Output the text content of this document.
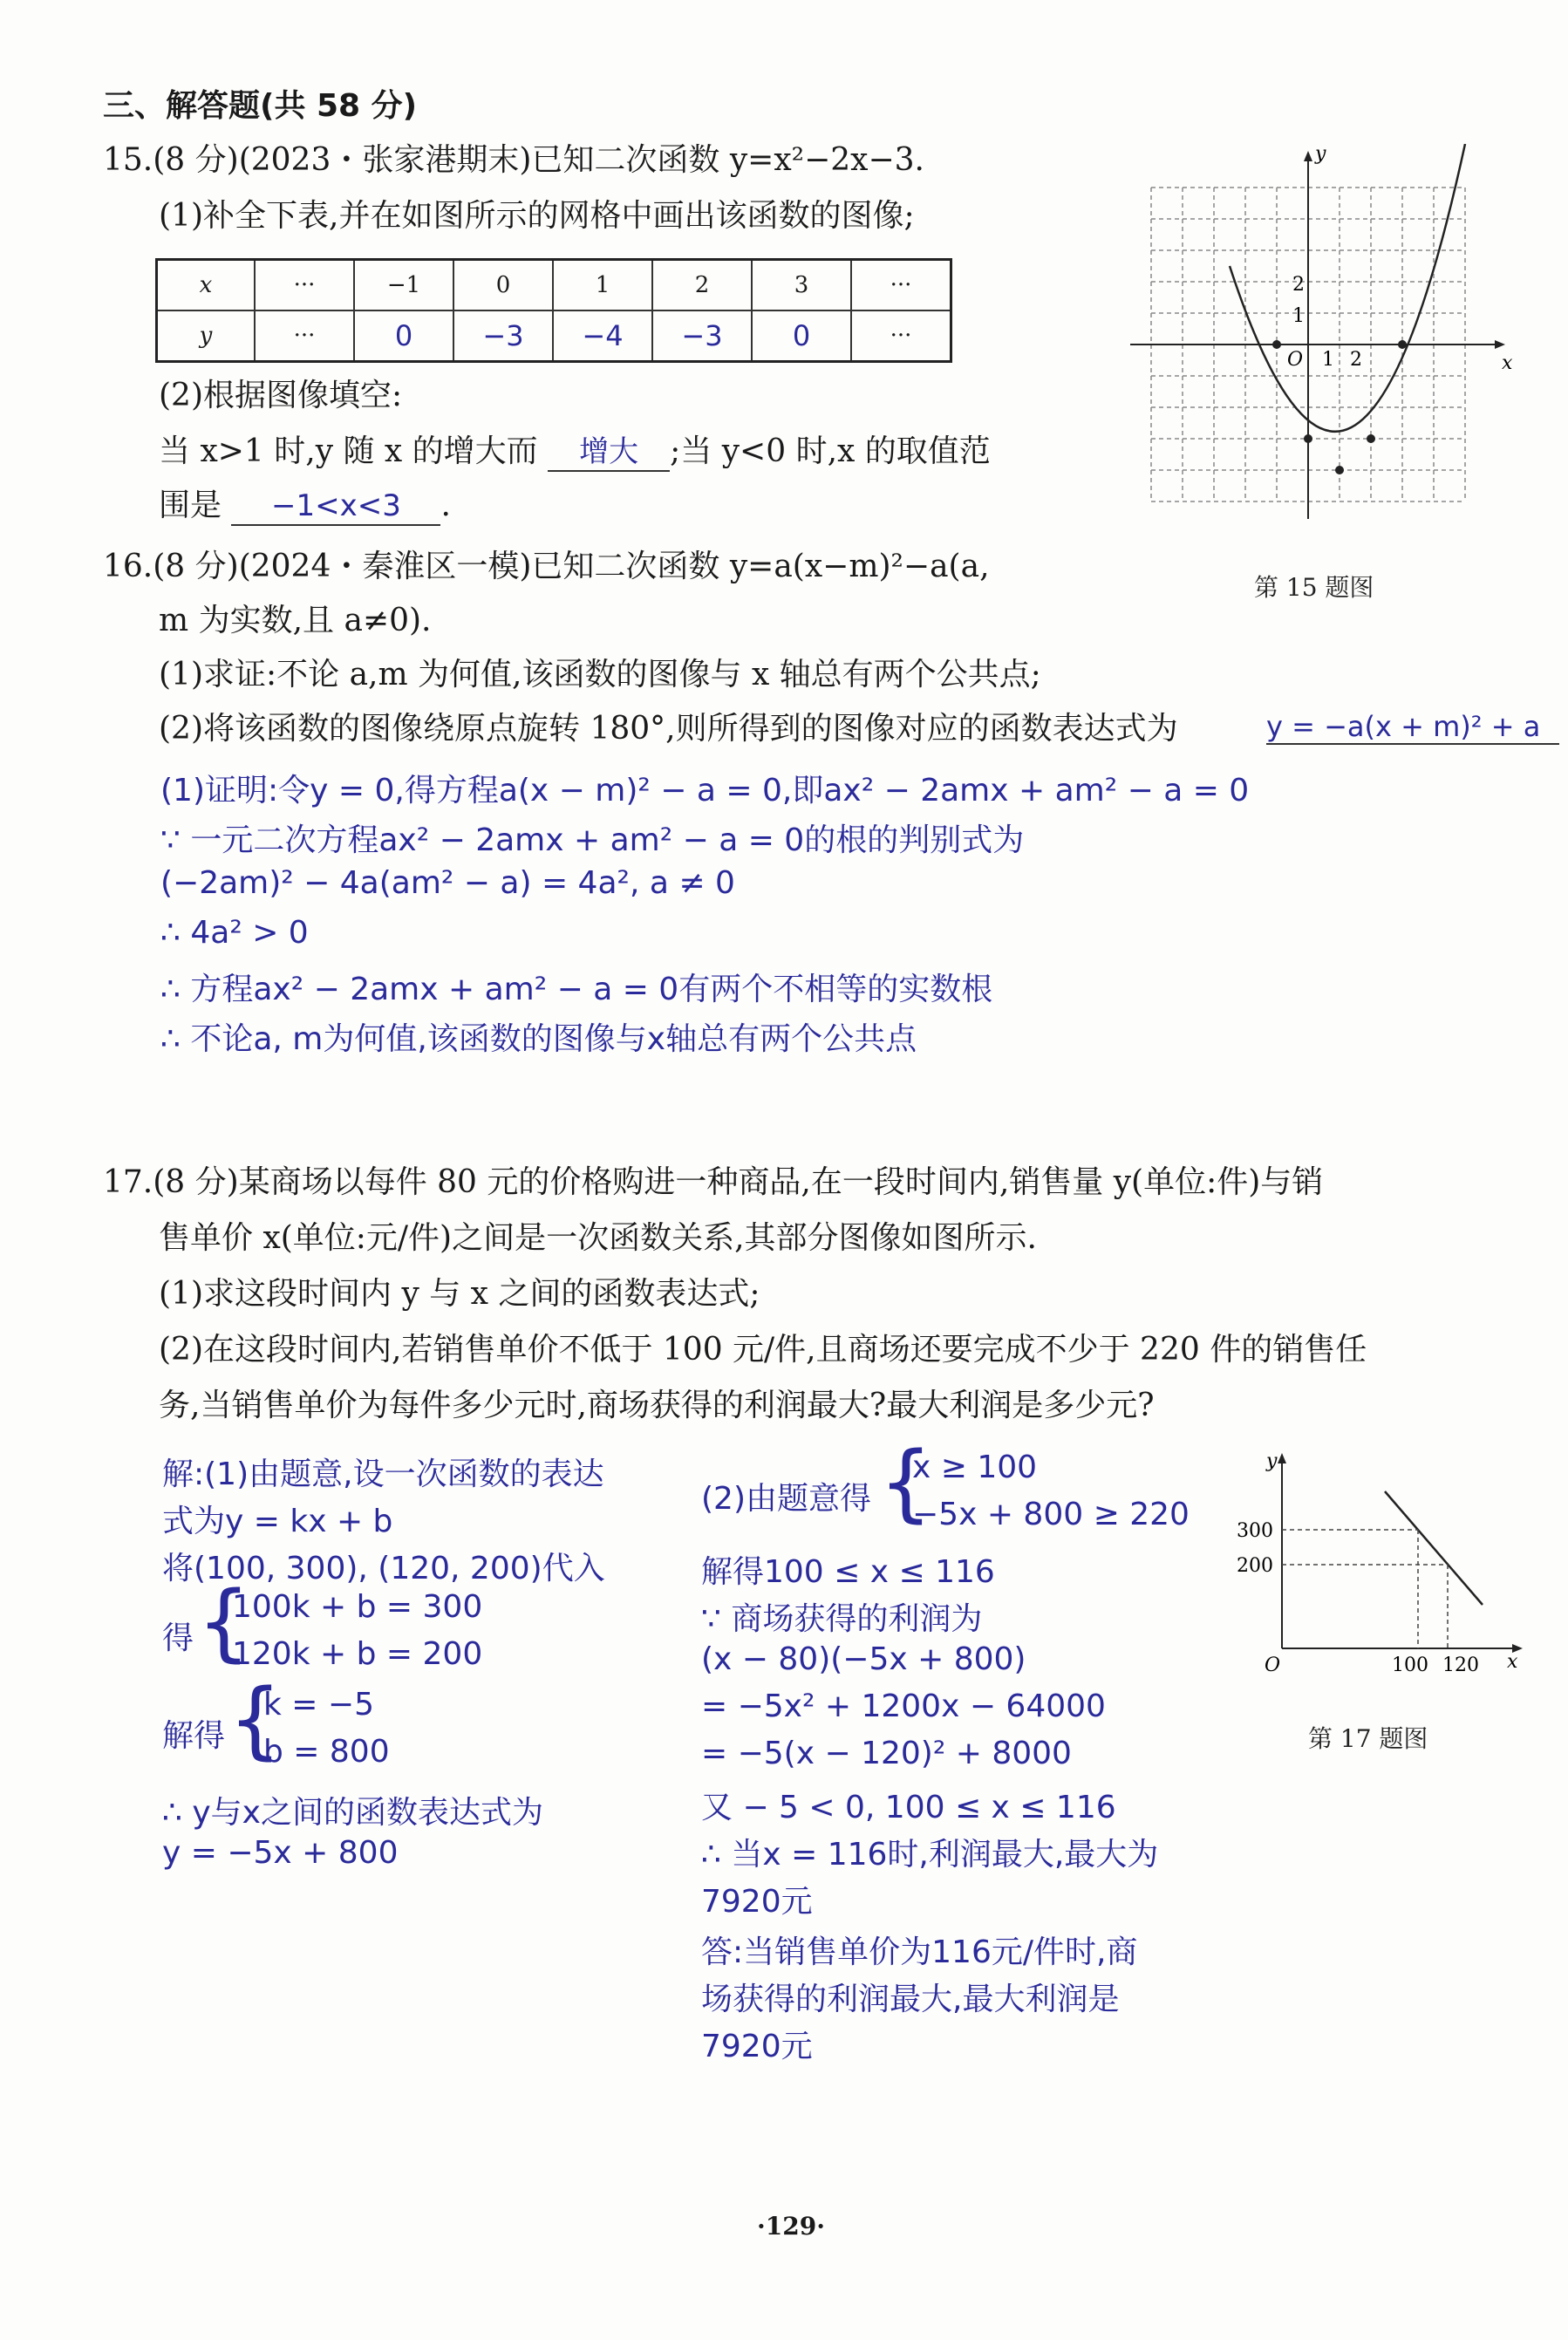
三、解答题(共 58 分)
15.(8 分)(2023・张家港期末)已知二次函数 y=x²−2x−3.
(1)补全下表,并在如图所示的网格中画出该函数的图像;
x	···	−1	0	1	2	3	···
y	···	0	−3	−4	−3	0	···
(2)根据图像填空:
当 x>1 时,y 随 x 的增大而 增大 ;当 y<0 时,x 的取值范
围是 −1<x<3 .
y
x
O 1 2
1
2
第 15 题图
16.(8 分)(2024・秦淮区一模)已知二次函数 y=a(x−m)²−a(a,
m 为实数,且 a≠0).
(1)求证:不论 a,m 为何值,该函数的图像与 x 轴总有两个公共点;
(2)将该函数的图像绕原点旋转 180°,则所得到的图像对应的函数表达式为	y = −a(x + m)² + a
(1)证明:令y = 0,得方程a(x − m)² − a = 0,即ax² − 2amx + am² − a = 0
∵ 一元二次方程ax² − 2amx + am² − a = 0的根的判别式为
(−2am)² − 4a(am² − a) = 4a², a ≠ 0
∴ 4a² > 0
∴ 方程ax² − 2amx + am² − a = 0有两个不相等的实数根
∴ 不论a, m为何值,该函数的图像与x轴总有两个公共点
17.(8 分)某商场以每件 80 元的价格购进一种商品,在一段时间内,销售量 y(单位:件)与销
售单价 x(单位:元/件)之间是一次函数关系,其部分图像如图所示.
(1)求这段时间内 y 与 x 之间的函数表达式;
(2)在这段时间内,若销售单价不低于 100 元/件,且商场还要完成不少于 220 件的销售任
务,当销售单价为每件多少元时,商场获得的利润最大?最大利润是多少元?
解:(1)由题意,设一次函数的表达
式为y = kx + b
将(100, 300), (120, 200)代入
得 {
100k + b = 300
120k + b = 200
解得 {
k = −5
b = 800
∴ y与x之间的函数表达式为
y = −5x + 800
(2)由题意得 {
x ≥ 100
−5x + 800 ≥ 220
解得100 ≤ x ≤ 116
∵ 商场获得的利润为
(x − 80)(−5x + 800)
= −5x² + 1200x − 64000
= −5(x − 120)² + 8000
又 − 5 < 0, 100 ≤ x ≤ 116
∴ 当x = 116时,利润最大,最大为
7920元
答:当销售单价为116元/件时,商
场获得的利润最大,最大利润是
7920元
y
x
O
300
200
100 120
第 17 题图
·129·
